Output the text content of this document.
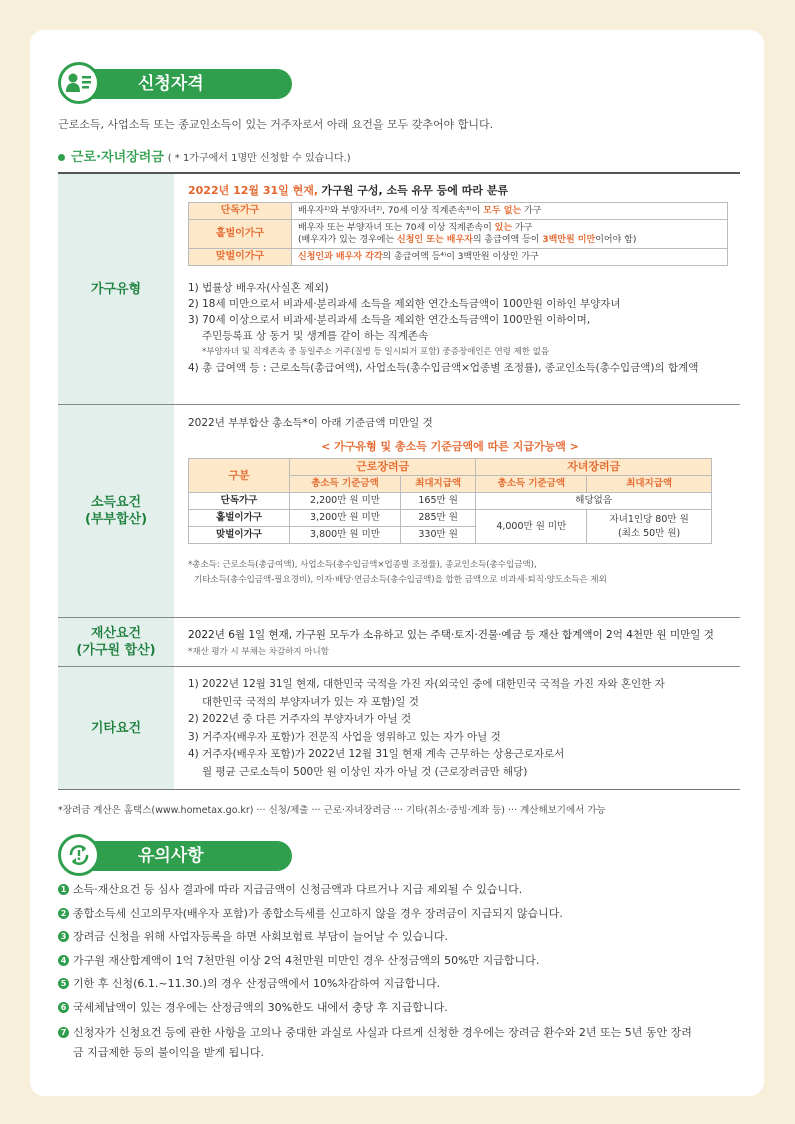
신청자격
근로소득, 사업소득 또는 종교인소득이 있는 거주자로서 아래 요건을 모두 갖추어야 합니다.
근로·자녀장려금 ( * 1가구에서 1명만 신청할 수 있습니다.)
가구유형
2022년 12월 31일 현재, 가구원 구성, 소득 유무 등에 따라 분류
단독가구	배우자¹⁾와 부양자녀²⁾, 70세 이상 직계존속³⁾이 모두 없는 가구
홑벌이가구	배우자 또는 부양자녀 또는 70세 이상 직계존속이 있는 가구
(배우자가 있는 경우에는 신청인 또는 배우자의 총급여액 등이 3백만원 미만이어야 함)
맞벌이가구	신청인과 배우자 각각의 총급여액 등⁴⁾이 3백만원 이상인 가구
1) 법률상 배우자(사실혼 제외)
2) 18세 미만으로서 비과세·분리과세 소득을 제외한 연간소득금액이 100만원 이하인 부양자녀
3) 70세 이상으로서 비과세·분리과세 소득을 제외한 연간소득금액이 100만원 이하이며,
주민등록표 상 동거 및 생계를 같이 하는 직계존속
*부양자녀 및 직계존속 중 동일주소 거주(질병 등 일시퇴거 포함) 중증장애인은 연령 제한 없음
4) 총 급여액 등 : 근로소득(총급여액), 사업소득(총수입금액×업종별 조정률), 종교인소득(총수입금액)의 합계액
소득요건
(부부합산)
2022년 부부합산 총소득*이 아래 기준금액 미만일 것
< 가구유형 및 총소득 기준금액에 따른 지급가능액 >
구분	근로장려금		자녀장려금	
	총소득 기준금액	최대지급액	총소득 기준금액	최대지급액
단독가구	2,200만 원 미만	165만 원	해당없음	
홑벌이가구	3,200만 원 미만	285만 원	4,000만 원 미만	자녀1인당 80만 원
(최소 50만 원)

맞벌이가구	3,800만 원 미만	330만 원		
*총소득: 근로소득(총급여액), 사업소득(총수입금액×업종별 조정률), 종교인소득(총수입금액),
기타소득(총수입금액-필요경비), 이자·배당·연금소득(총수입금액)을 합한 금액으로 비과세·퇴직·양도소득은 제외
재산요건
(가구원 합산)
2022년 6월 1일 현재, 가구원 모두가 소유하고 있는 주택·토지·건물·예금 등 재산 합계액이 2억 4천만 원 미만일 것
*재산 평가 시 부채는 차감하지 아니함
기타요건
1) 2022년 12월 31일 현재, 대한민국 국적을 가진 자(외국인 중에 대한민국 국적을 가진 자와 혼인한 자
대한민국 국적의 부양자녀가 있는 자 포함)일 것
2) 2022년 중 다른 거주자의 부양자녀가 아닐 것
3) 거주자(배우자 포함)가 전문직 사업을 영위하고 있는 자가 아닐 것
4) 거주자(배우자 포함)가 2022년 12월 31일 현재 계속 근무하는 상용근로자로서
월 평균 근로소득이 500만 원 이상인 자가 아닐 것 (근로장려금만 해당)
*장려금 계산은 홈택스(www.hometax.go.kr) ··· 신청/제출 ··· 근로·자녀장려금 ··· 기타(취소·증빙·계좌 등) ··· 계산해보기에서 가능
유의사항
1 소득·재산요건 등 심사 결과에 따라 지급금액이 신청금액과 다르거나 지급 제외될 수 있습니다.
2 종합소득세 신고의무자(배우자 포함)가 종합소득세를 신고하지 않을 경우 장려금이 지급되지 않습니다.
3 장려금 신청을 위해 사업자등록을 하면 사회보험료 부담이 늘어날 수 있습니다.
4 가구원 재산합계액이 1억 7천만원 이상 2억 4천만원 미만인 경우 산정금액의 50%만 지급합니다.
5 기한 후 신청(6.1.~11.30.)의 경우 산정금액에서 10%차감하여 지급합니다.
6 국세체납액이 있는 경우에는 산정금액의 30%한도 내에서 충당 후 지급합니다.
7 신청자가 신청요건 등에 관한 사항을 고의나 중대한 과실로 사실과 다르게 신청한 경우에는 장려금 환수와 2년 또는 5년 동안 장려금 지급제한 등의 불이익을 받게 됩니다.
